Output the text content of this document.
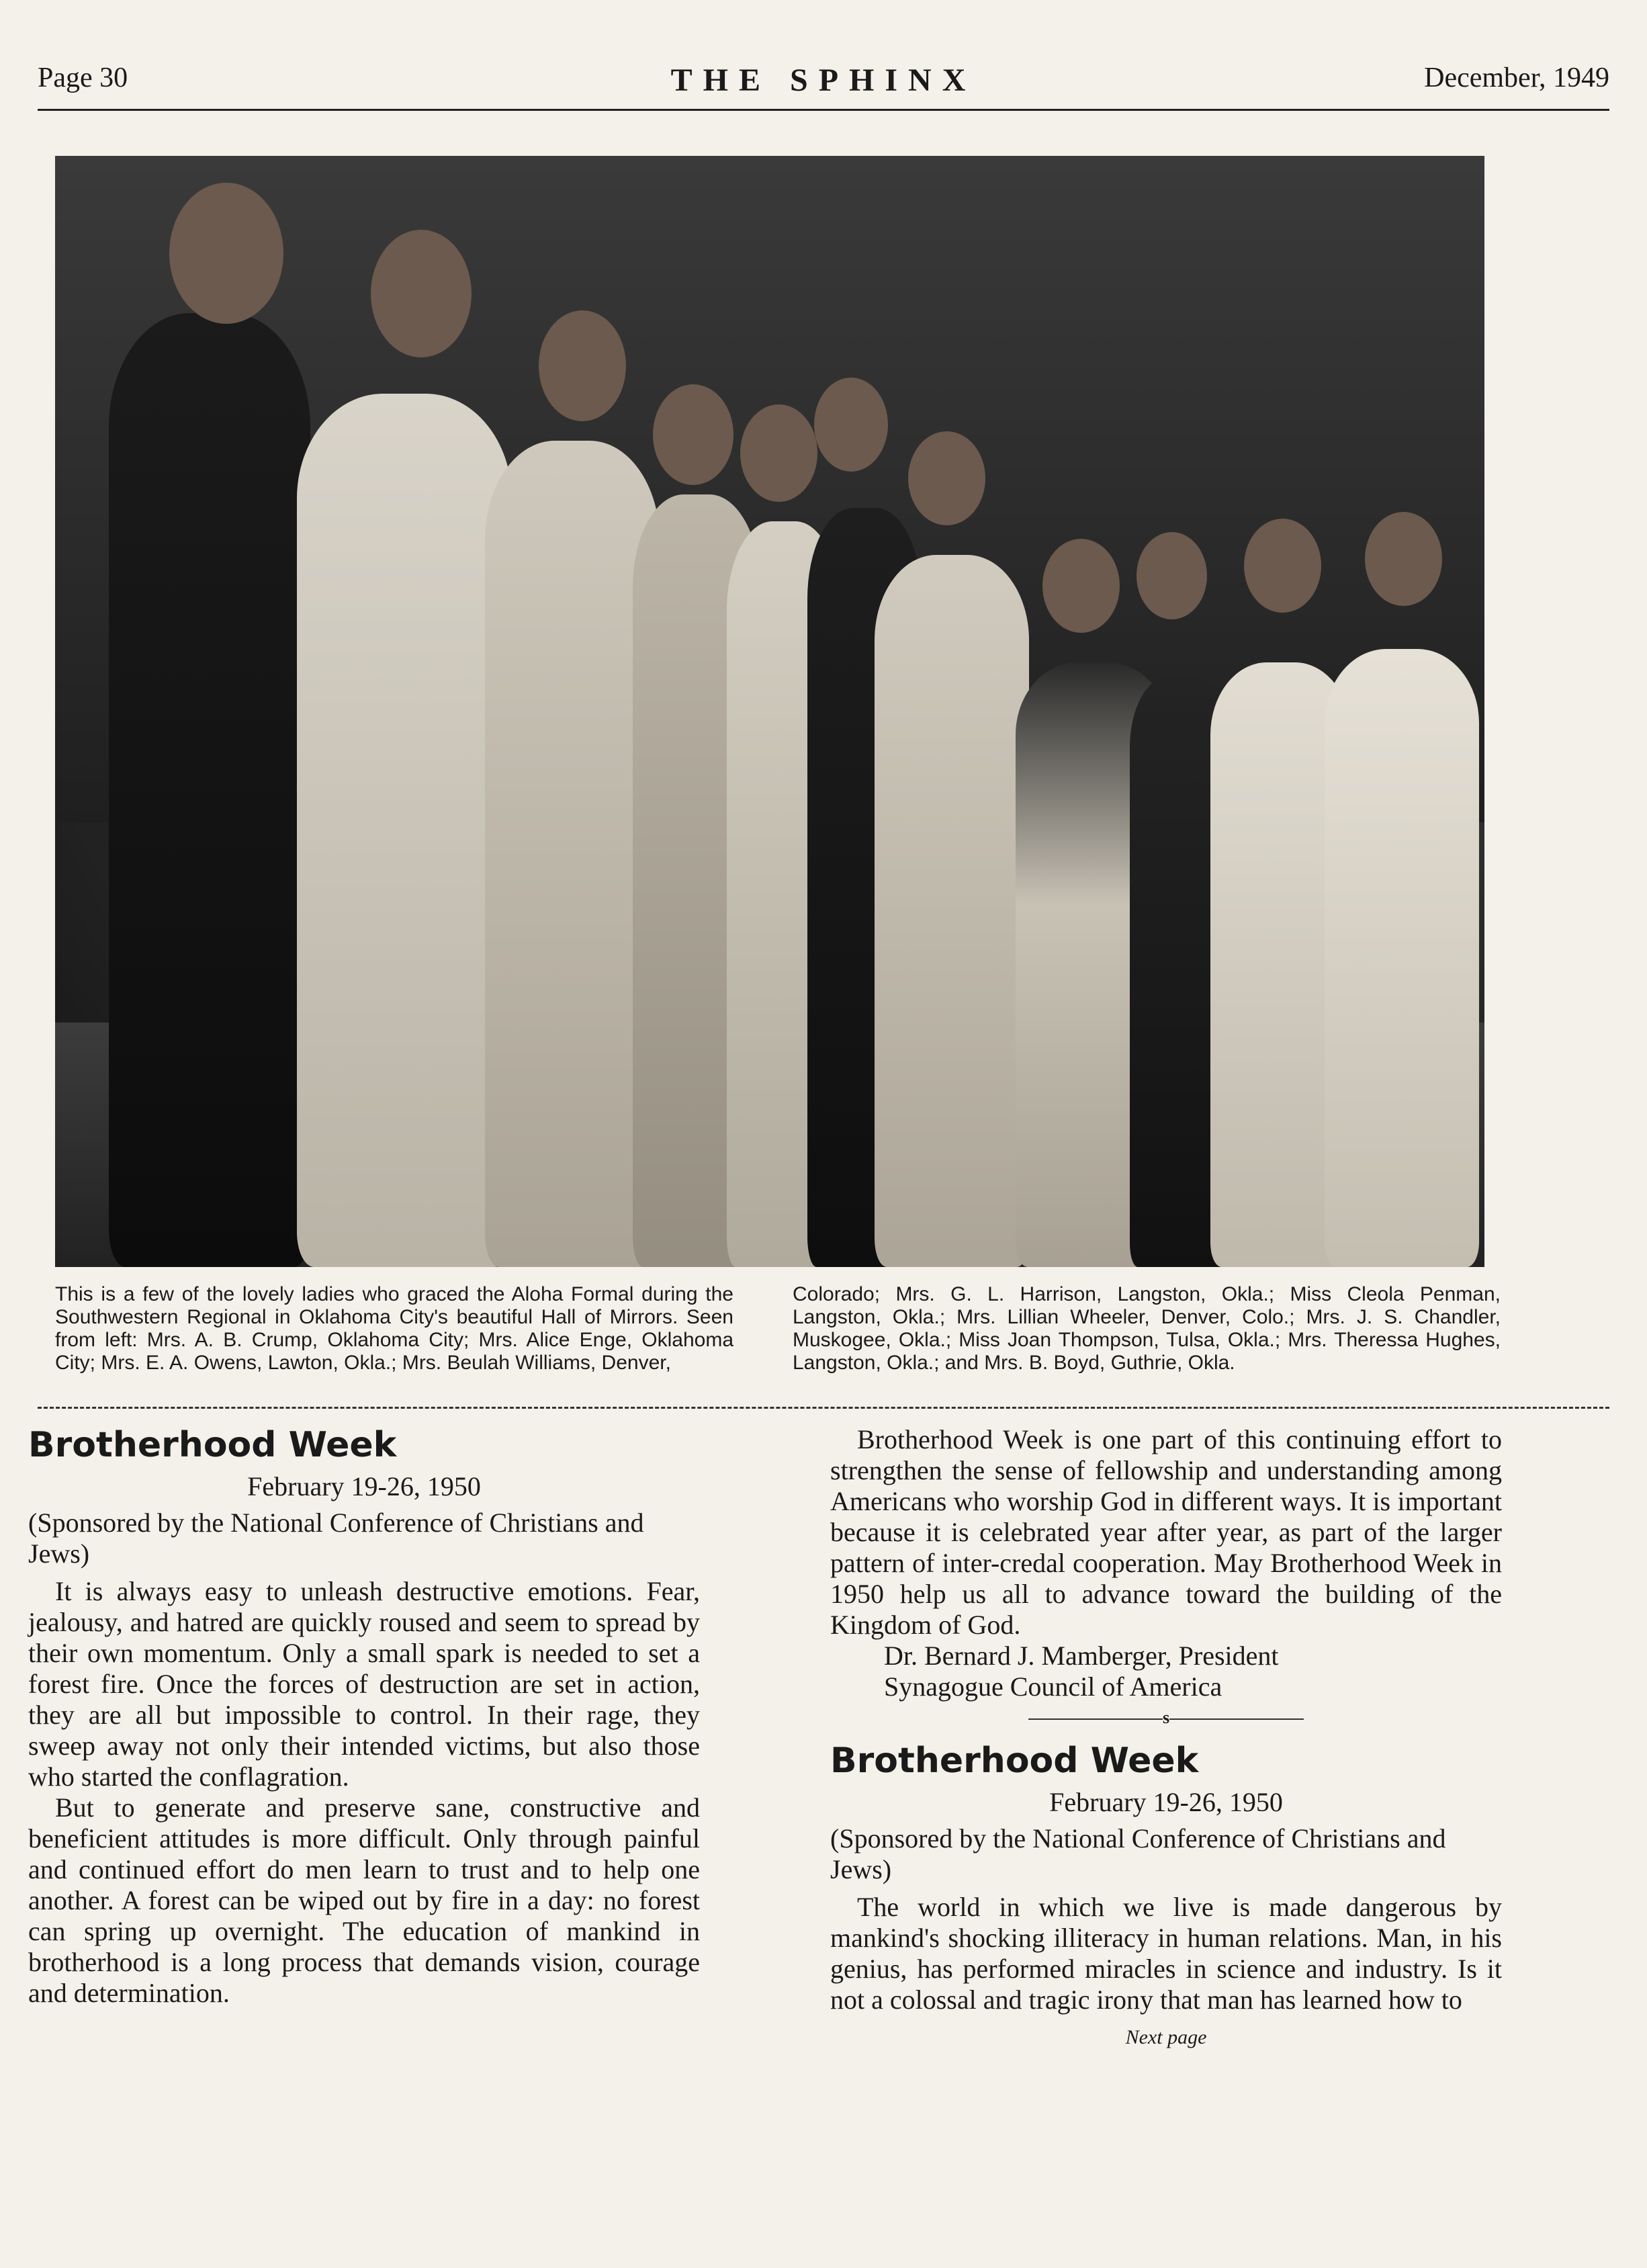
Page 30	THE SPHINX	December, 1949
This is a few of the lovely ladies who graced the Aloha Formal during the Southwestern Regional in Oklahoma City's beautiful Hall of Mirrors. Seen from left: Mrs. A. B. Crump, Oklahoma City; Mrs. Alice Enge, Oklahoma City; Mrs. E. A. Owens, Lawton, Okla.; Mrs. Beulah Williams, Denver,
Colorado; Mrs. G. L. Harrison, Langston, Okla.; Miss Cleola Penman, Langston, Okla.; Mrs. Lillian Wheeler, Denver, Colo.; Mrs. J. S. Chandler, Muskogee, Okla.; Miss Joan Thompson, Tulsa, Okla.; Mrs. Theressa Hughes, Langston, Okla.; and Mrs. B. Boyd, Guthrie, Okla.
Brotherhood Week
February 19-26, 1950
(Sponsored by the National Conference of Christians and Jews)

It is always easy to unleash destructive emotions. Fear, jealousy, and hatred are quickly roused and seem to spread by their own momentum. Only a small spark is needed to set a forest fire. Once the forces of destruction are set in action, they are all but impossible to control. In their rage, they sweep away not only their intended victims, but also those who started the conflagration.

But to generate and preserve sane, constructive and beneficient attitudes is more difficult. Only through painful and continued effort do men learn to trust and to help one another. A forest can be wiped out by fire in a day: no forest can spring up overnight. The education of mankind in brotherhood is a long process that demands vision, courage and determination.

Brotherhood Week is one part of this continuing effort to strengthen the sense of fellowship and understanding among Americans who worship God in different ways. It is important because it is celebrated year after year, as part of the larger pattern of inter-credal cooperation. May Brotherhood Week in 1950 help us all to advance toward the building of the Kingdom of God.

Dr. Bernard J. Mamberger, President

Synagogue Council of America

s
Brotherhood Week
February 19-26, 1950
(Sponsored by the National Conference of Christians and Jews)

The world in which we live is made dangerous by mankind's shocking illiteracy in human relations. Man, in his genius, has performed miracles in science and industry. Is it not a colossal and tragic irony that man has learned how to

Next page
